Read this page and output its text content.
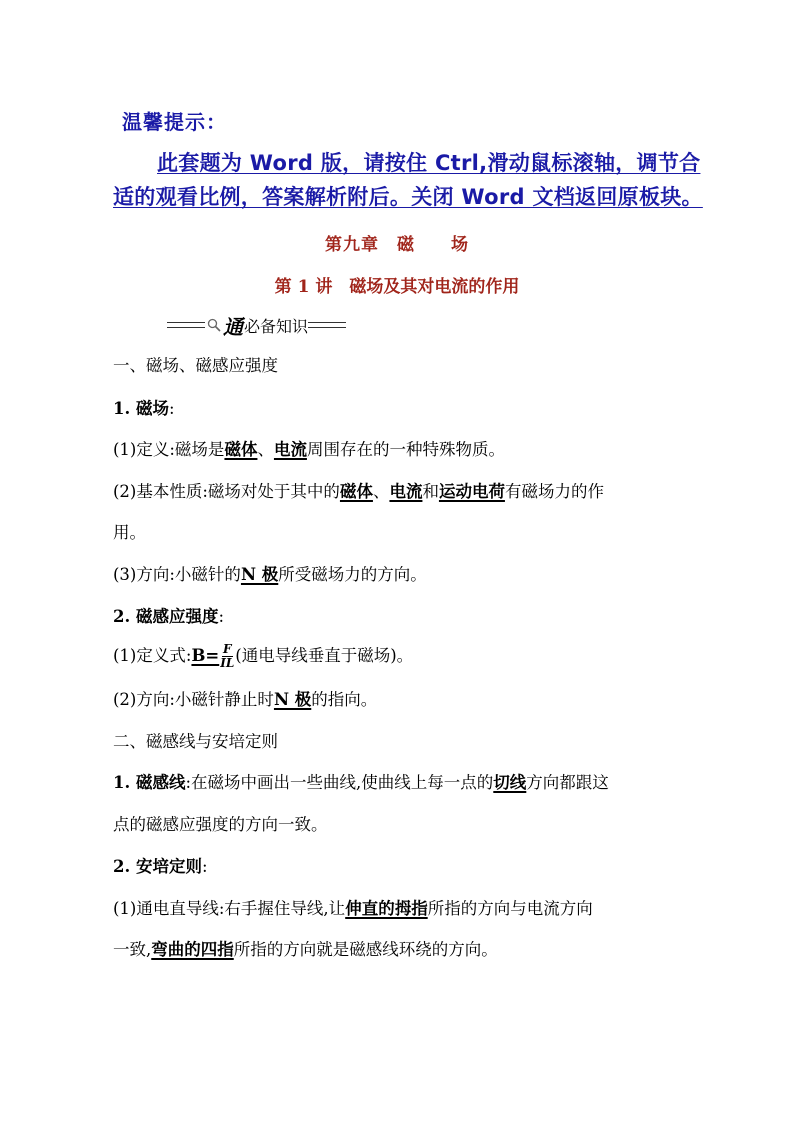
温馨提示：
此套题为 Word 版，请按住 Ctrl,滑动鼠标滚轴，调节合适的观看比例，答案解析附后。关闭 Word 文档返回原板块。
第九章　磁　　场
第 1 讲　磁场及其对电流的作用
通 必备知识
一、磁场、磁感应强度
1. 磁场:
(1)定义:磁场是磁体、电流周围存在的一种特殊物质。
(2)基本性质:磁场对处于其中的磁体、电流和运动电荷有磁场力的作
用。
(3)方向:小磁针的N 极所受磁场力的方向。
2. 磁感应强度:
(1)定义式:B= $\frac{F}{IL}$ (通电导线垂直于磁场)。
(2)方向:小磁针静止时N 极的指向。
二、磁感线与安培定则
1. 磁感线:在磁场中画出一些曲线,使曲线上每一点的切线方向都跟这
点的磁感应强度的方向一致。
2. 安培定则:
(1)通电直导线:右手握住导线,让伸直的拇指所指的方向与电流方向
一致,弯曲的四指所指的方向就是磁感线环绕的方向。
